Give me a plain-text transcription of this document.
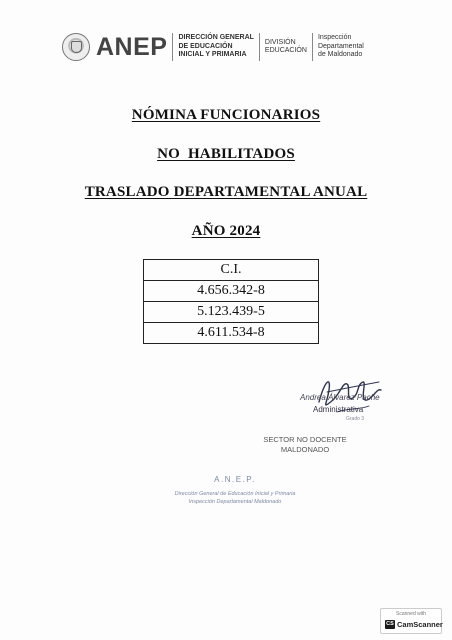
ANEP DIRECCIÓN GENERAL
DE EDUCACIÓN
INICIAL Y PRIMARIA
DIVISIÓN
EDUCACIÓN
Inspección
Departamental
de Maldonado
NÓMINA FUNCIONARIOS
NO HABILITADOS
TRASLADO DEPARTAMENTAL ANUAL
AÑO 2024
C.I.
4.656.342-8
5.123.439-5
4.611.534-8
Andrea Álvarez Pache
Administrativa
Grado 3
SECTOR NO DOCENTE
MALDONADO
A.N.E.P.
Dirección General de Educación Inicial y Primaria
Inspección Departamental Maldonado
Scanned with
CS CamScanner
